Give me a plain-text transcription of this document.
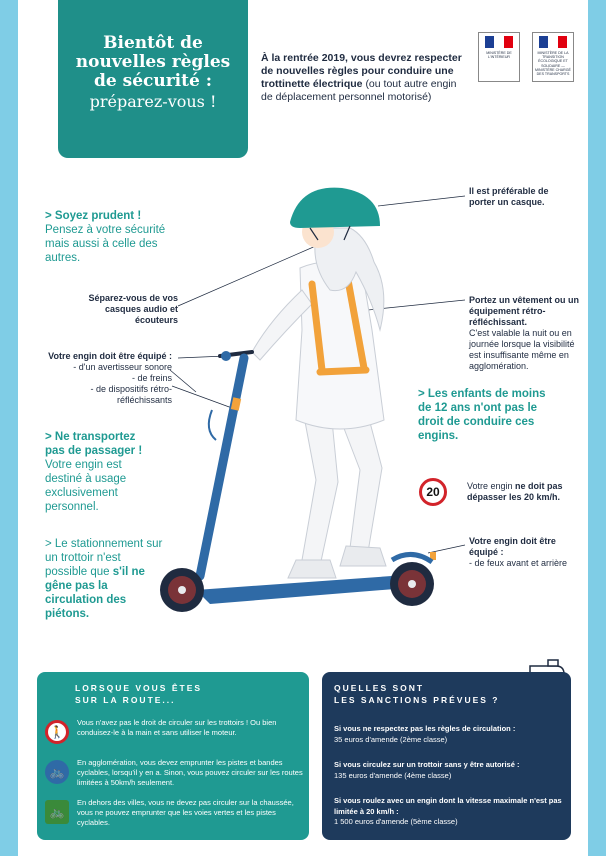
Bientôt de
nouvelles règles
de sécurité :
préparez-vous !
À la rentrée 2019, vous devrez respecter de nouvelles règles pour conduire une trottinette électrique (ou tout autre engin de déplacement personnel motorisé)
MINISTÈRE DE L'INTÉRIEUR
MINISTÈRE DE LA TRANSITION ÉCOLOGIQUE ET SOLIDAIRE — MINISTÈRE CHARGÉ DES TRANSPORTS
Il est préférable de porter un casque.
> Soyez prudent !
Pensez à votre sécurité mais aussi à celle des autres.
Séparez-vous de vos casques audio et écouteurs
Votre engin doit être équipé :
- d'un avertisseur sonore
- de freins
- de dispositifs rétro-réfléchissants
Portez un vêtement ou un équipement rétro-réfléchissant.
C'est valable la nuit ou en journée lorsque la visibilité est insuffisante même en agglomération.
> Les enfants de moins de 12 ans n'ont pas le droit de conduire ces engins.
> Ne transportez pas de passager !
Votre engin est destiné à usage exclusivement personnel.
20	Votre engin ne doit pas dépasser les 20 km/h.
> Le stationnement sur un trottoir n'est possible que s'il ne gêne pas la circulation des piétons.
Votre engin doit être équipé :
- de feux avant et arrière
LORSQUE VOUS ÊTES
SUR LA ROUTE...
🚶
Vous n'avez pas le droit de circuler sur les trottoirs ! Ou bien conduisez-le à la main et sans utiliser le moteur.
🚲
En agglomération, vous devez emprunter les pistes et bandes cyclables, lorsqu'il y en a. Sinon, vous pouvez circuler sur les routes limitées à 50km/h seulement.
🚲
En dehors des villes, vous ne devez pas circuler sur la chaussée, vous ne pouvez emprunter que les voies vertes et les pistes cyclables.
QUELLES SONT
LES SANCTIONS PRÉVUES ?
Si vous ne respectez pas les règles de circulation :
35 euros d'amende (2ème classe)
Si vous circulez sur un trottoir sans y être autorisé :
135 euros d'amende (4ème classe)
Si vous roulez avec un engin dont la vitesse maximale n'est pas limitée à 20 km/h :
1 500 euros d'amende (5ème classe)
